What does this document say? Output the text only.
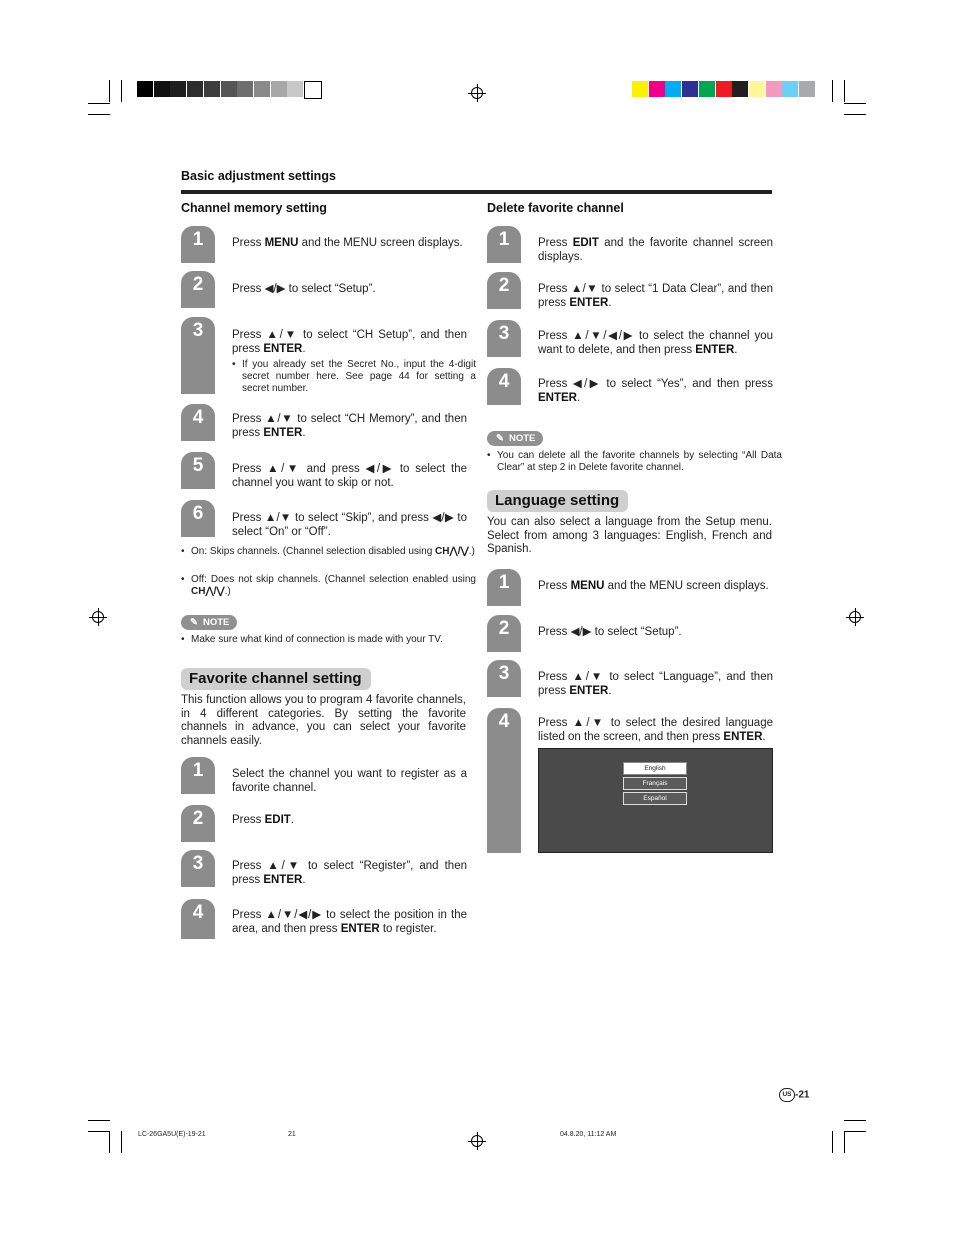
Basic adjustment settings
Channel memory setting
1	Press MENU and the MENU screen displays.
2	Press ◀/▶ to select “Setup”.
3	Press ▲/▼ to select “CH Setup”, and then press ENTER.
4	Press ▲/▼ to select “CH Memory”, and then press ENTER.
5	Press ▲/▼ and press ◀/▶ to select the channel you want to skip or not.
6	Press ▲/▼ to select “Skip”, and press ◀/▶ to select “On” or “Off”.
• If you already set the Secret No., input the 4-digit secret number here. See page 44 for setting a secret number.
• On: Skips channels. (Channel selection disabled using CH⋀/⋁.)
• Off: Does not skip channels. (Channel selection enabled using CH⋀/⋁.)
✎ NOTE
• Make sure what kind of connection is made with your TV.
Favorite channel setting
This function allows you to program 4 favorite channels, in 4 different categories. By setting the favorite channels in advance, you can select your favorite channels easily.
1	Select the channel you want to register as a favorite channel.
2	Press EDIT.
3	Press ▲/▼ to select “Register”, and then press ENTER.
4	Press ▲/▼/◀/▶ to select the position in the area, and then press ENTER to register.
Delete favorite channel
1	Press EDIT and the favorite channel screen displays.
2	Press ▲/▼ to select “1 Data Clear”, and then press ENTER.
3	Press ▲/▼/◀/▶ to select the channel you want to delete, and then press ENTER.
4	Press ◀/▶ to select “Yes”, and then press ENTER.
✎ NOTE
• You can delete all the favorite channels by selecting “All Data Clear” at step 2 in Delete favorite channel.
Language setting
You can also select a language from the Setup menu. Select from among 3 languages: English, French and Spanish.
1	Press MENU and the MENU screen displays.
2	Press ◀/▶ to select “Setup”.
3	Press ▲/▼ to select “Language”, and then press ENTER.
4	Press ▲/▼ to select the desired language listed on the screen, and then press ENTER.
English
Français
Español
US -21
LC-26GA5U(E)-19-21	21	04.8.20, 11:12 AM
